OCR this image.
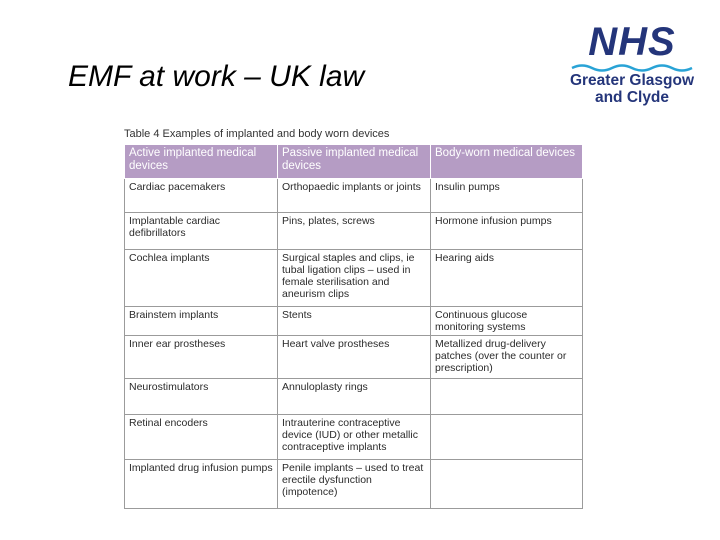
EMF at work – UK law
NHS
Greater Glasgow
and Clyde
Table 4 Examples of implanted and body worn devices
Active implanted medical devices	Passive implanted medical devices	Body-worn medical devices
Cardiac pacemakers	Orthopaedic implants or joints	Insulin pumps
Implantable cardiac defibrillators	Pins, plates, screws	Hormone infusion pumps
Cochlea implants	Surgical staples and clips, ie tubal ligation clips – used in female sterilisation and aneurism clips	Hearing aids
Brainstem implants	Stents	Continuous glucose monitoring systems
Inner ear prostheses	Heart valve prostheses	Metallized drug-delivery patches (over the counter or prescription)
Neurostimulators	Annuloplasty rings	
Retinal encoders	Intrauterine contraceptive device (IUD) or other metallic contraceptive implants	
Implanted drug infusion pumps	Penile implants – used to treat erectile dysfunction (impotence)	
